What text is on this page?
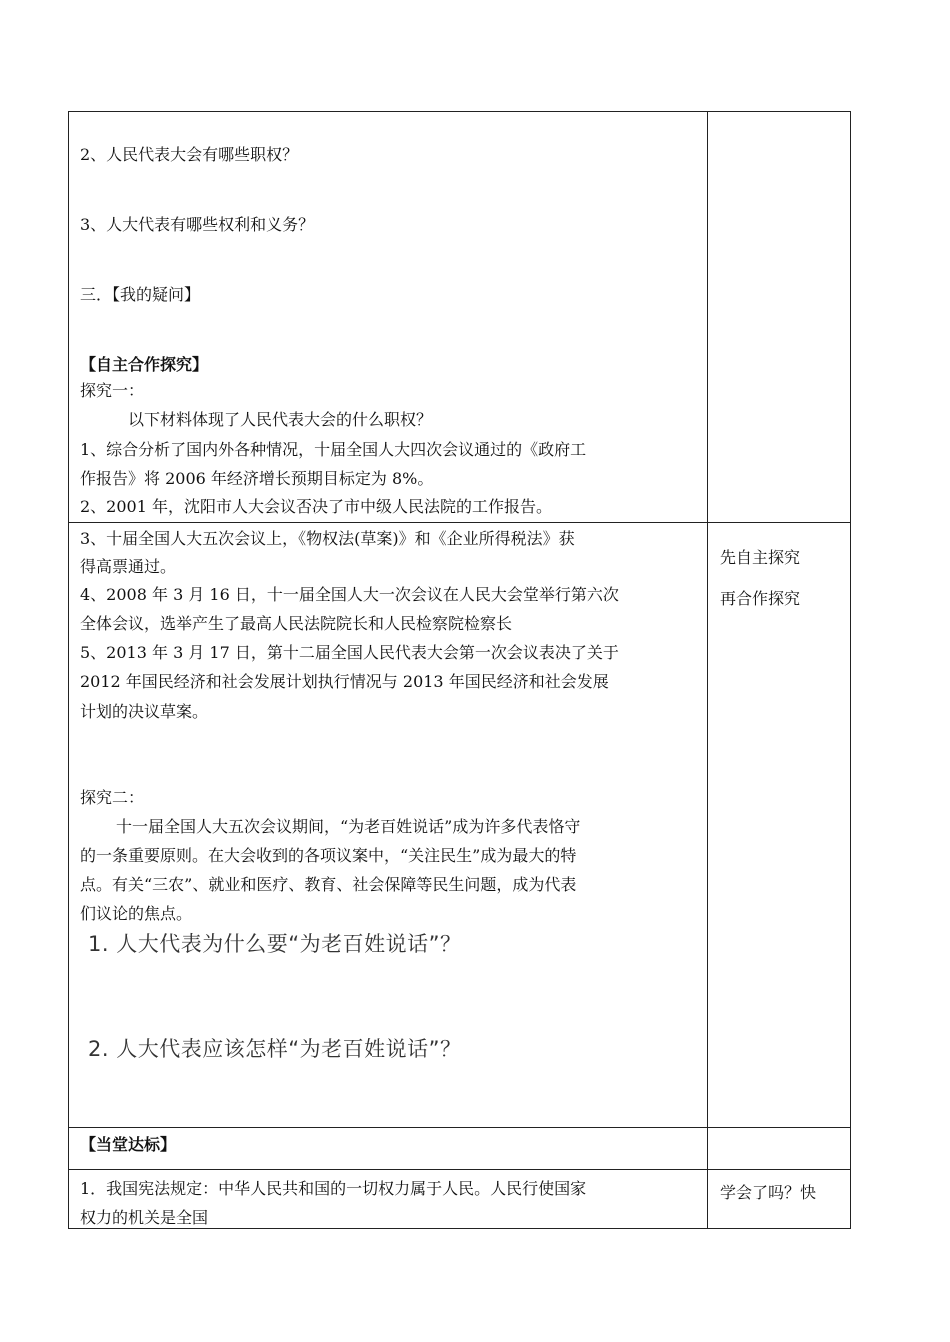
2、人民代表大会有哪些职权？
3、人大代表有哪些权利和义务？
三．【我的疑问】
【自主合作探究】
探究一：
以下材料体现了人民代表大会的什么职权？
1、综合分析了国内外各种情况，十届全国人大四次会议通过的《政府工
作报告》将 2006 年经济增长预期目标定为 8%。
2、2001 年，沈阳市人大会议否决了市中级人民法院的工作报告。
3、十届全国人大五次会议上，《物权法(草案)》和《企业所得税法》获
得高票通过。
4、2008 年 3 月 16 日，十一届全国人大一次会议在人民大会堂举行第六次
全体会议，选举产生了最高人民法院院长和人民检察院检察长
5、2013 年 3 月 17 日，第十二届全国人民代表大会第一次会议表决了关于
2012 年国民经济和社会发展计划执行情况与 2013 年国民经济和社会发展
计划的决议草案。
探究二：
十一届全国人大五次会议期间，“为老百姓说话”成为许多代表恪守
的一条重要原则。在大会收到的各项议案中，“关注民生”成为最大的特
点。有关“三农”、就业和医疗、教育、社会保障等民生问题，成为代表
们议论的焦点。
1. 人大代表为什么要“为老百姓说话”？
2. 人大代表应该怎样“为老百姓说话”？
先自主探究
再合作探究
【当堂达标】
1．我国宪法规定：中华人民共和国的一切权力属于人民。人民行使国家
权力的机关是全国
学会了吗？快
